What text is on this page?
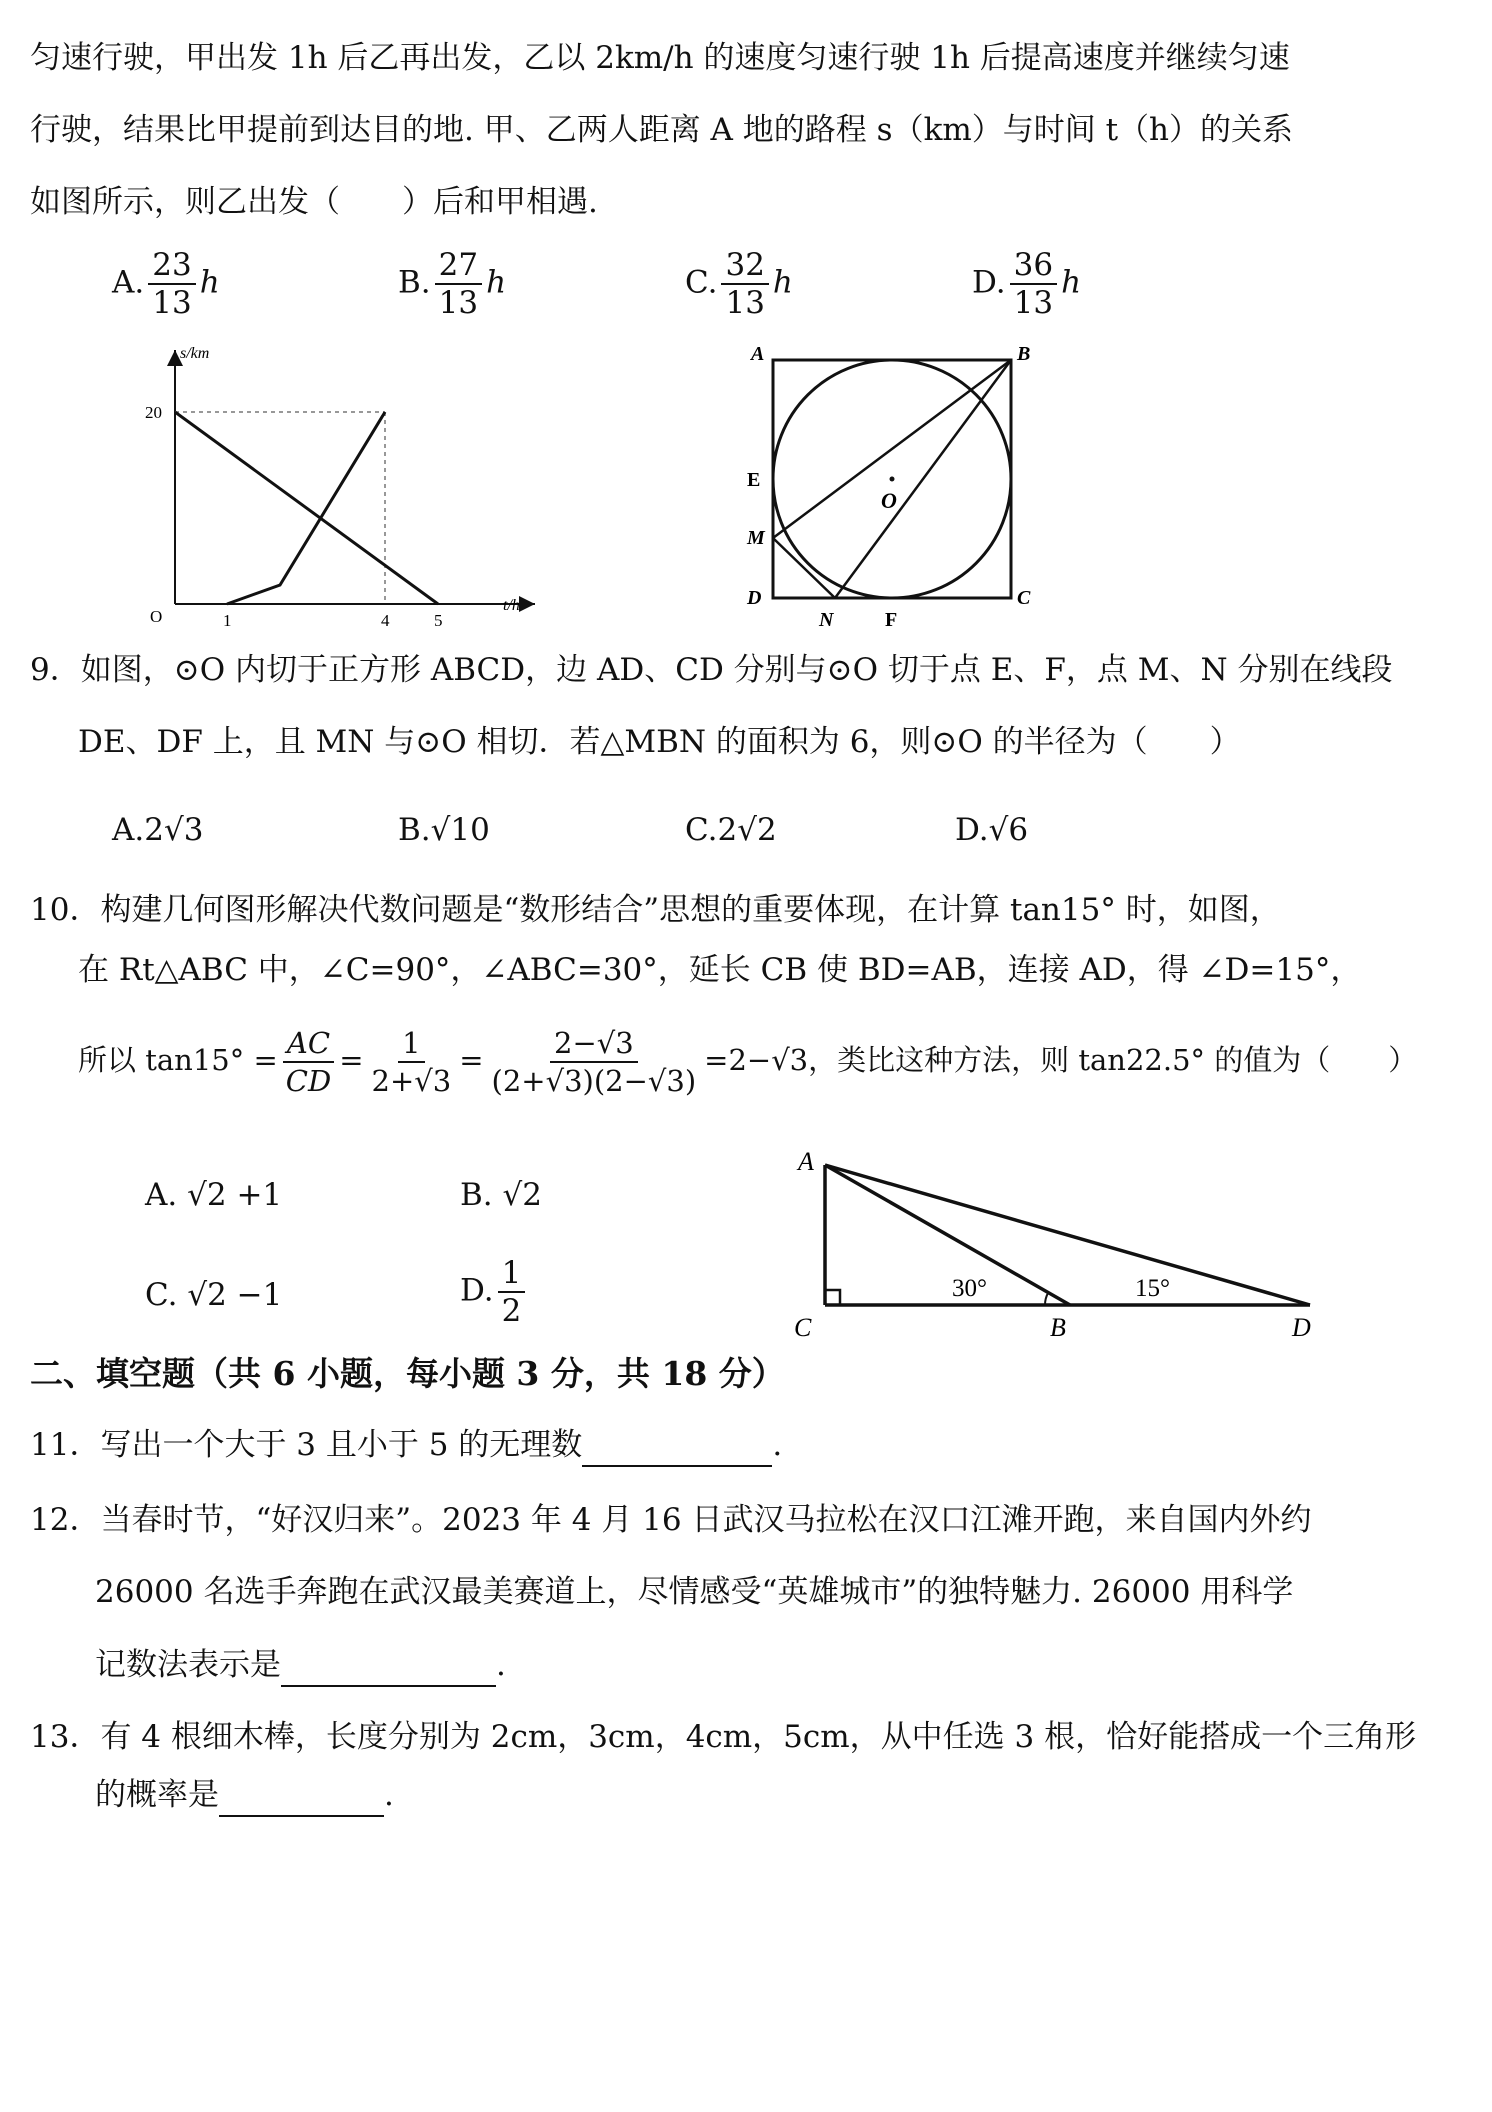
匀速行驶，甲出发 1h 后乙再出发，乙以 2km/h 的速度匀速行驶 1h 后提高速度并继续匀速
行驶，结果比甲提前到达目的地. 甲、乙两人距离 A 地的路程 s（km）与时间 t（h）的关系
如图所示，则乙出发（　　）后和甲相遇.
A. $\frac{23}{13}$ h	B. $\frac{27}{13}$ h	C. $\frac{32}{13}$ h	D. $\frac{36}{13}$ h
s/km
t/h
O
20
1	4	5
A	B
C
D
E
M
N	F
O
9．如图，⊙O 内切于正方形 ABCD，边 AD、CD 分别与⊙O 切于点 E、F，点 M、N 分别在线段
DE、DF 上，且 MN 与⊙O 相切．若△MBN 的面积为 6，则⊙O 的半径为（　　）
A.2√3	B.√10	C.2√2	D.√6
10．构建几何图形解决代数问题是“数形结合”思想的重要体现，在计算 tan15° 时，如图，
在 Rt△ABC 中，∠C=90°，∠ABC=30°，延长 CB 使 BD=AB，连接 AD，得 ∠D=15°，
所以 $\tan 15^\circ = \frac{AC}{CD} = \frac{1}{2+√3} = \frac{2-√3}{(2+√3)(2-√3)} =2-√3$，类比这种方法，则 tan22.5° 的值为（　　）
A. √2 +1	B. √2
C. √2 −1	D. $\frac{1}{2}$
A
C	B	D
30°	15°
二、填空题（共 6 小题，每小题 3 分，共 18 分）
11．写出一个大于 3 且小于 5 的无理数	.
12．当春时节，“好汉归来”。2023 年 4 月 16 日武汉马拉松在汉口江滩开跑，来自国内外约
26000 名选手奔跑在武汉最美赛道上，尽情感受“英雄城市”的独特魅力. 26000 用科学
记数法表示是	.
13．有 4 根细木棒，长度分别为 2cm，3cm，4cm，5cm，从中任选 3 根，恰好能搭成一个三角形
的概率是	.
